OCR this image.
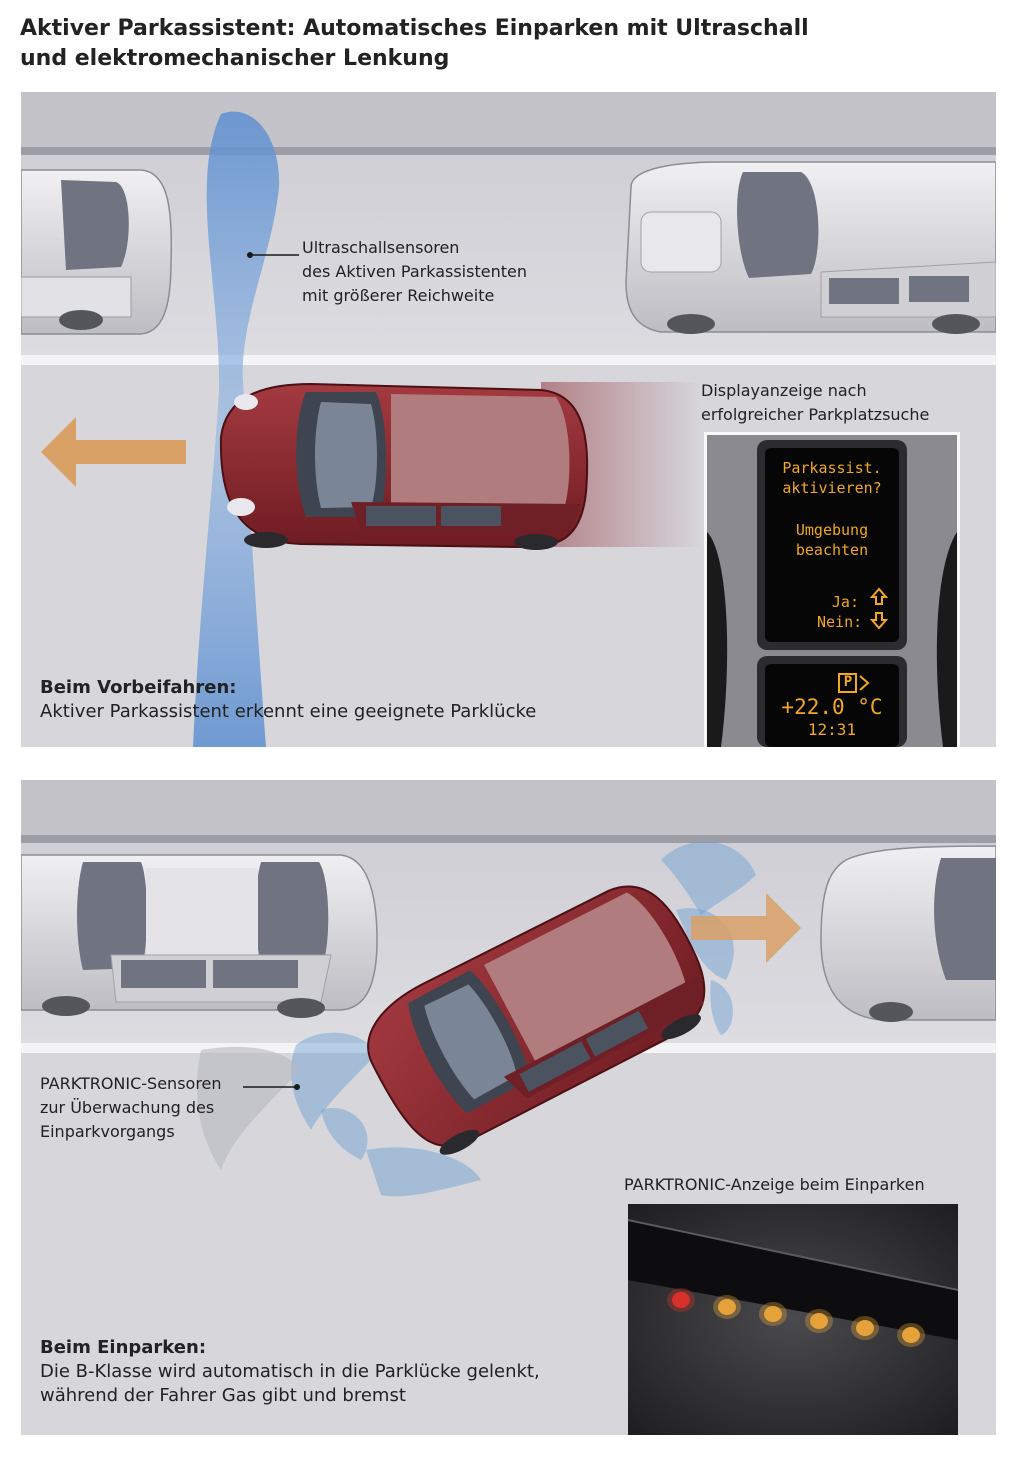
Aktiver Parkassistent: Automatisches Einparken mit Ultraschall
und elektromechanischer Lenkung
Ultraschallsensoren
des Aktiven Parkassistenten
mit größerer Reichweite
Displayanzeige nach
erfolgreicher Parkplatzsuche
Parkassist.
aktivieren?
Umgebung
beachten
Ja:
Nein:
P
+22.0 °C
12:31
Beim Vorbeifahren:
Aktiver Parkassistent erkennt eine geeignete Parklücke
PARKTRONIC-Sensoren
zur Überwachung des
Einparkvorgangs
PARKTRONIC-Anzeige beim Einparken
Beim Einparken:
Die B-Klasse wird automatisch in die Parklücke gelenkt,
während der Fahrer Gas gibt und bremst
